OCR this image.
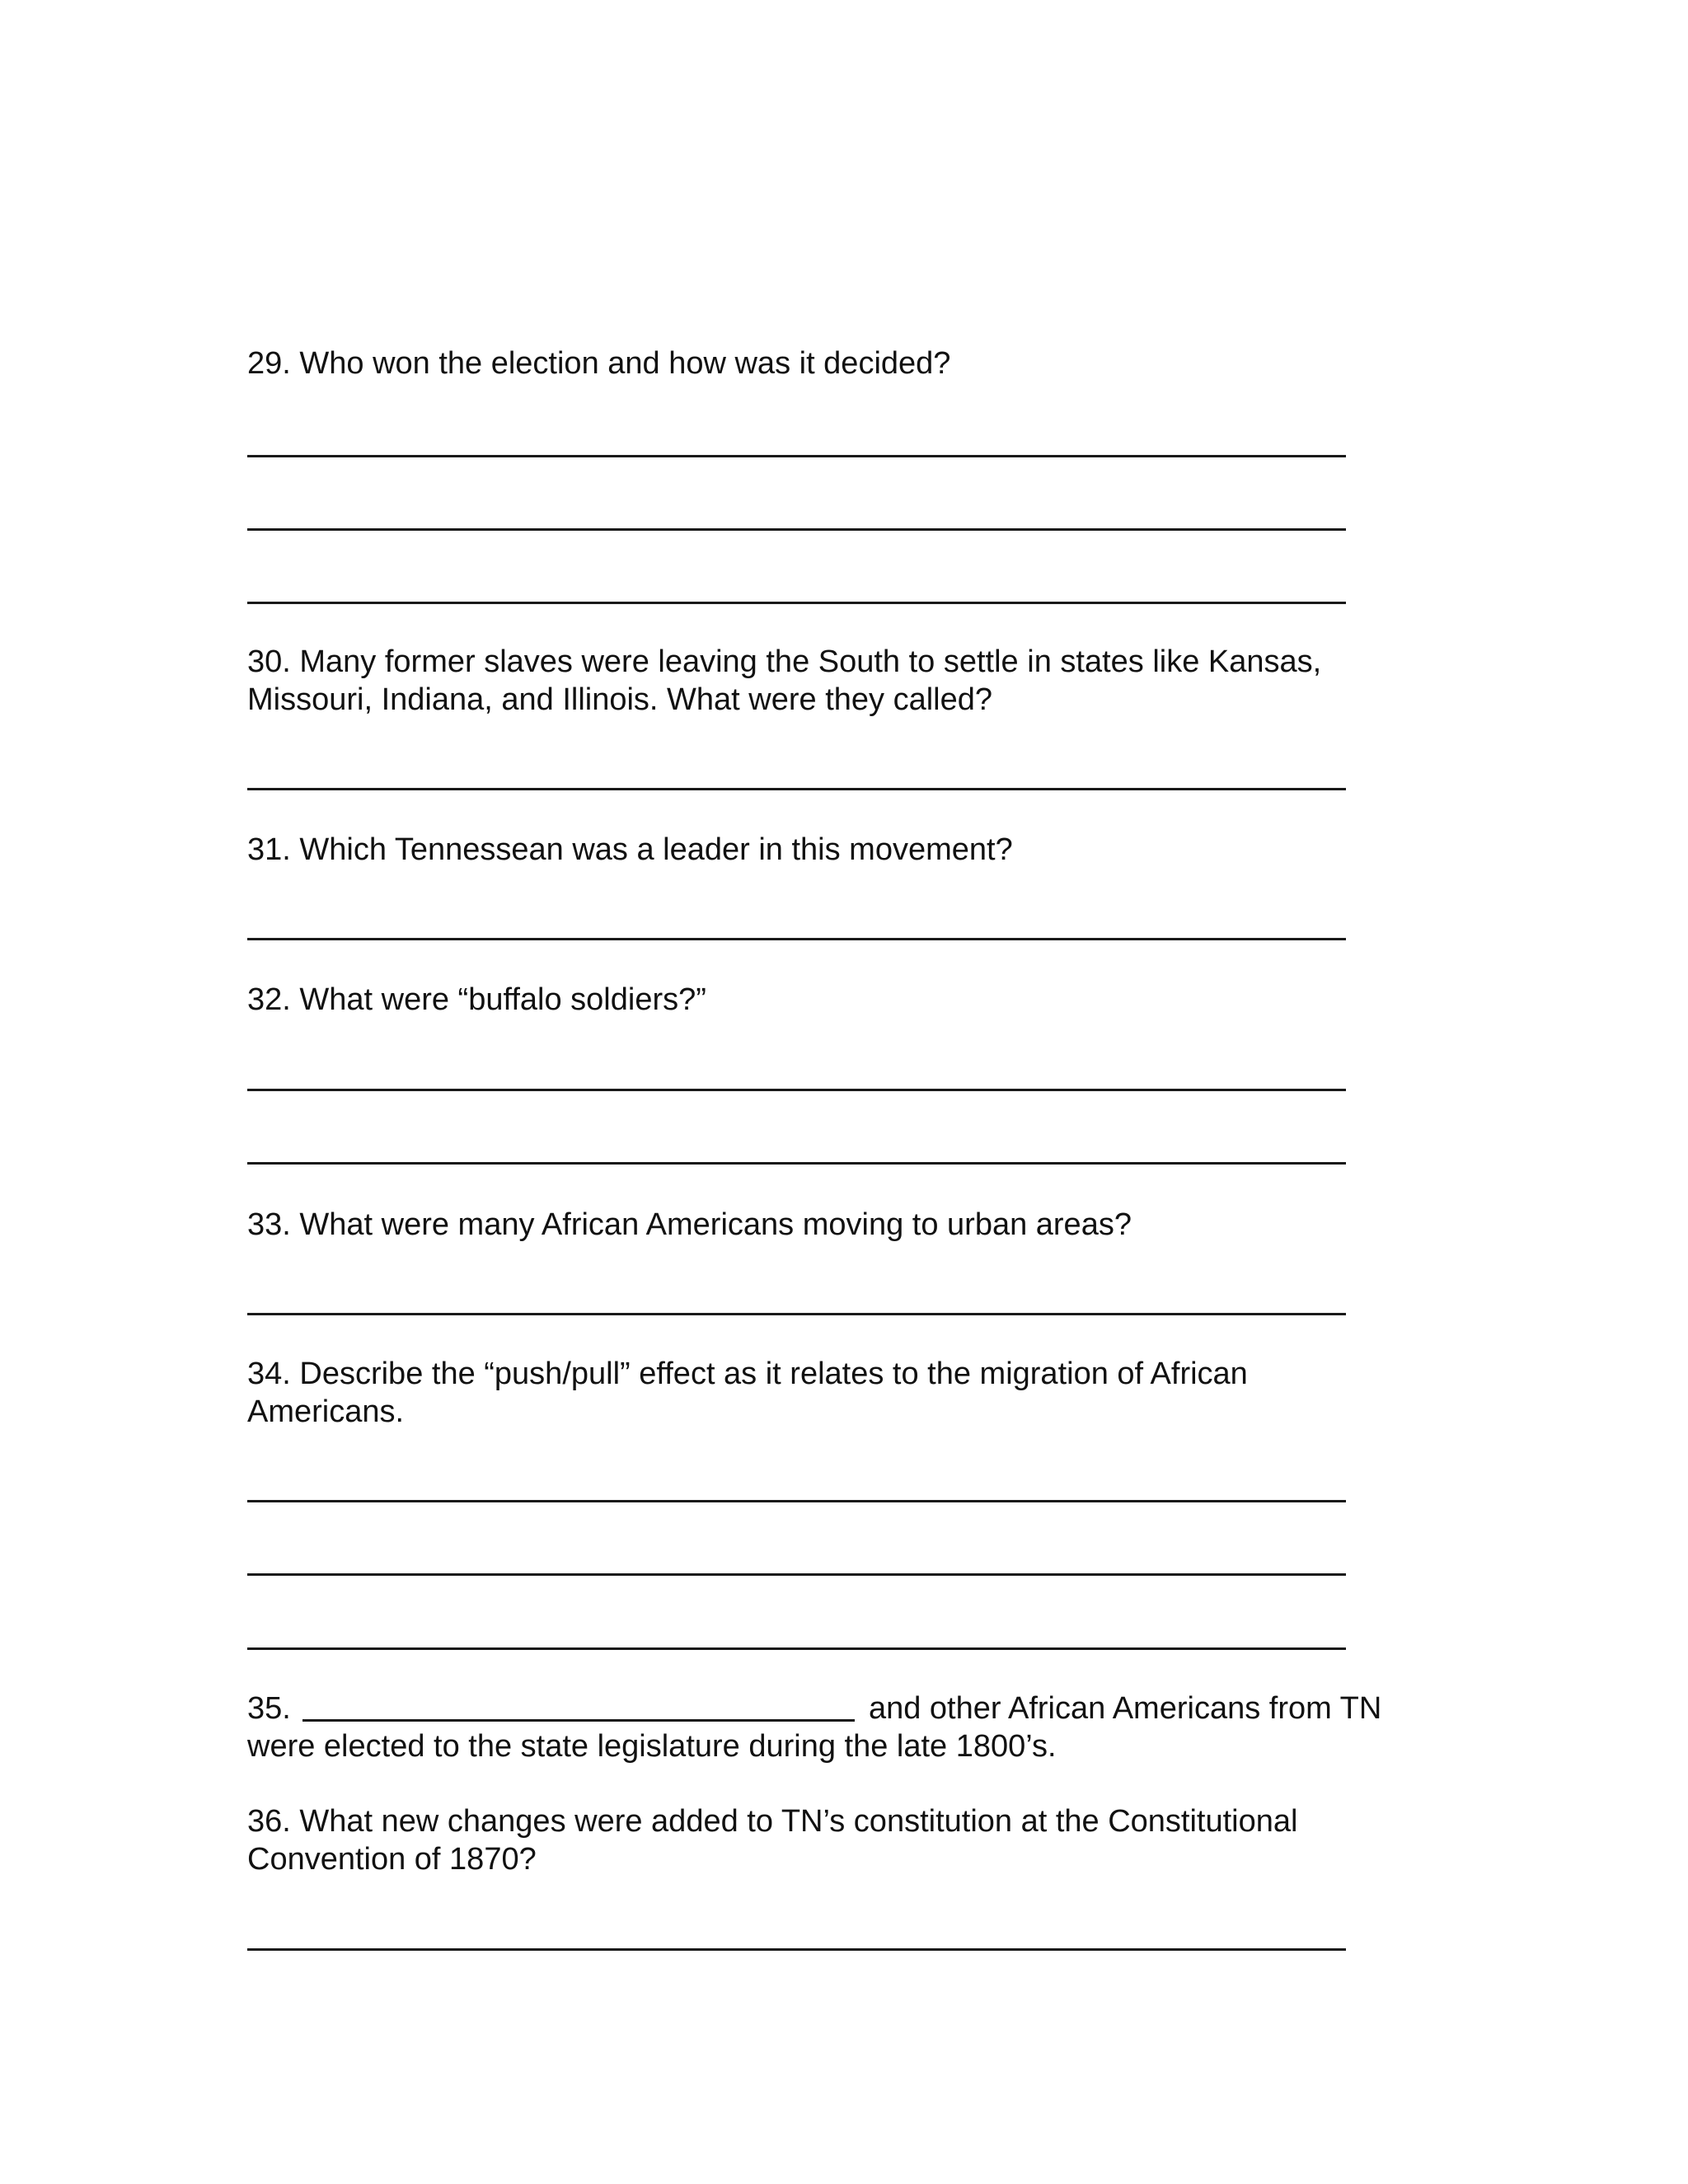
29. Who won the election and how was it decided?

30. Many former slaves were leaving the South to settle in states like Kansas,

Missouri, Indiana, and Illinois. What were they called?

31. Which Tennessean was a leader in this movement?

32. What were “buffalo soldiers?”

33. What were many African Americans moving to urban areas?

34. Describe the “push/pull” effect as it relates to the migration of African

Americans.

35.	and other African Americans from TN

were elected to the state legislature during the late 1800’s.

36. What new changes were added to TN’s constitution at the Constitutional

Convention of 1870?
